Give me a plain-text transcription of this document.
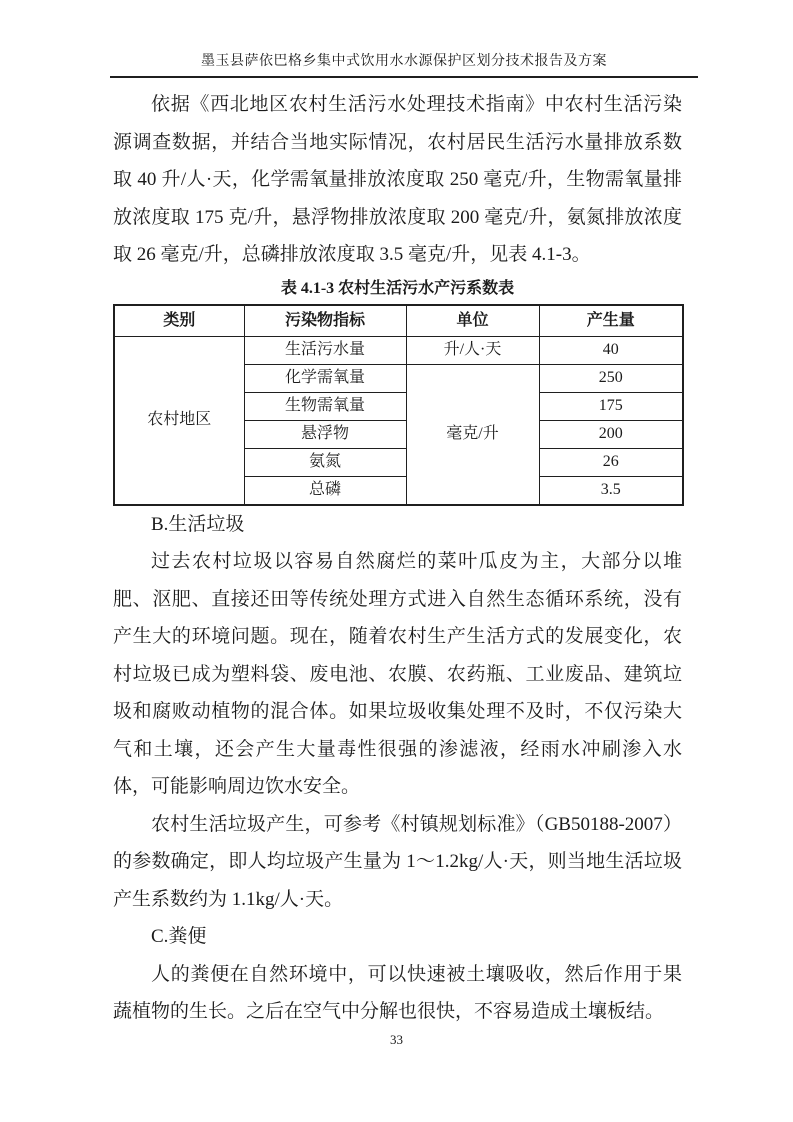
墨玉县萨依巴格乡集中式饮用水水源保护区划分技术报告及方案

依据《西北地区农村生活污水处理技术指南》中农村生活污染源调查数据，并结合当地实际情况，农村居民生活污水量排放系数取 40 升/人·天，化学需氧量排放浓度取 250 毫克/升，生物需氧量排放浓度取 175 克/升，悬浮物排放浓度取 200 毫克/升，氨氮排放浓度取 26 毫克/升，总磷排放浓度取 3.5 毫克/升，见表 4.1-3。

表 4.1-3 农村生活污水产污系数表
类别	污染物指标	单位	产生量
农村地区	生活污水量	升/人·天	40
	化学需氧量	毫克/升	250
	生物需氧量		175
	悬浮物		200
	氨氮		26
	总磷		3.5

B.生活垃圾

过去农村垃圾以容易自然腐烂的菜叶瓜皮为主，大部分以堆肥、沤肥、直接还田等传统处理方式进入自然生态循环系统，没有产生大的环境问题。现在，随着农村生产生活方式的发展变化，农村垃圾已成为塑料袋、废电池、农膜、农药瓶、工业废品、建筑垃圾和腐败动植物的混合体。如果垃圾收集处理不及时，不仅污染大气和土壤，还会产生大量毒性很强的渗滤液，经雨水冲刷渗入水体，可能影响周边饮水安全。

农村生活垃圾产生，可参考《村镇规划标准》（GB50188-2007）的参数确定，即人均垃圾产生量为 1～1.2kg/人·天，则当地生活垃圾产生系数约为 1.1kg/人·天。

C.粪便

人的粪便在自然环境中，可以快速被土壤吸收，然后作用于果蔬植物的生长。之后在空气中分解也很快，不容易造成土壤板结。

33
